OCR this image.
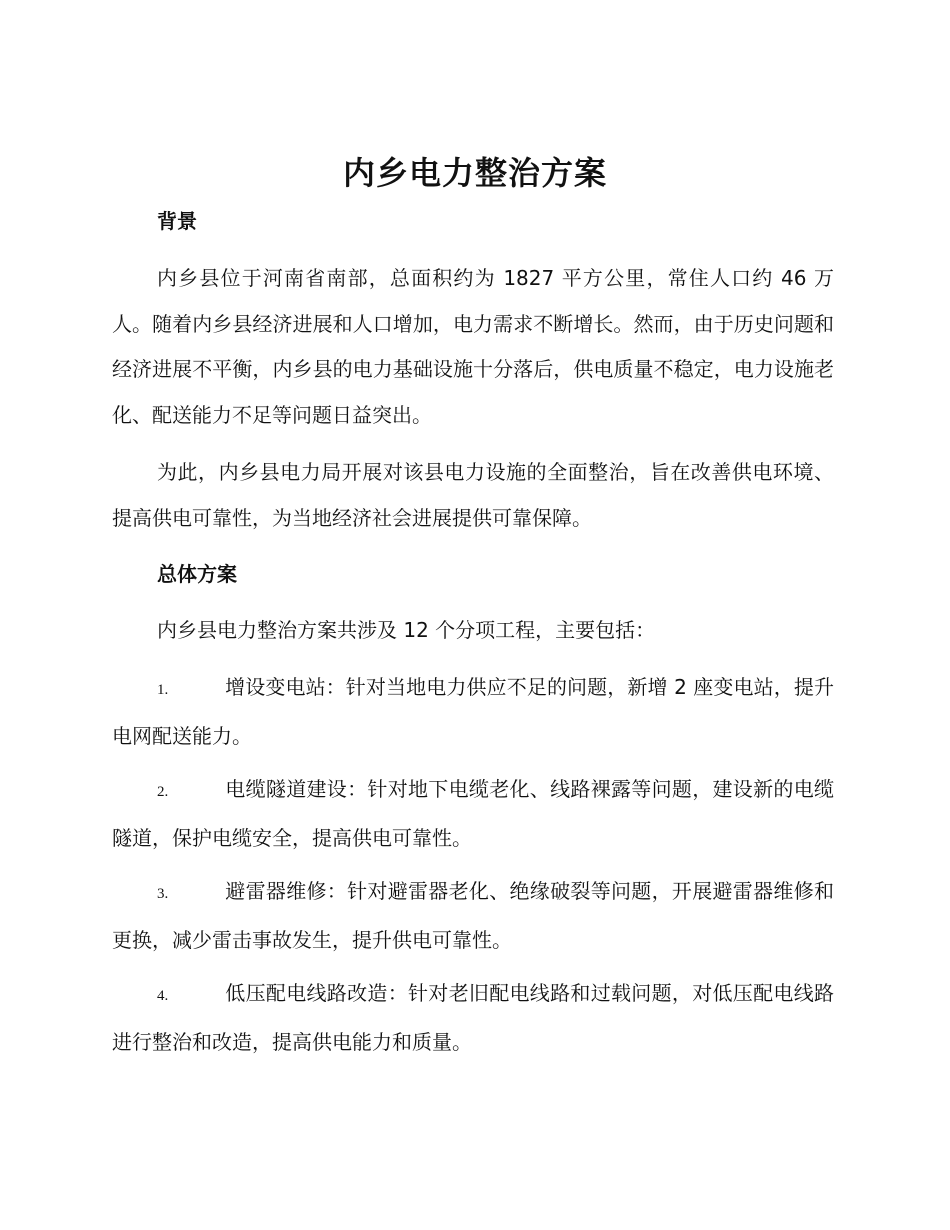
内乡电力整治方案
背景

内乡县位于河南省南部，总面积约为 1827 平方公里，常住人口约 46 万人。随着内乡县经济进展和人口增加，电力需求不断增长。然而，由于历史问题和经济进展不平衡，内乡县的电力基础设施十分落后，供电质量不稳定，电力设施老化、配送能力不足等问题日益突出。

为此，内乡县电力局开展对该县电力设施的全面整治，旨在改善供电环境、提高供电可靠性，为当地经济社会进展提供可靠保障。

总体方案

内乡县电力整治方案共涉及 12 个分项工程，主要包括：

1.	增设变电站：针对当地电力供应不足的问题，新增 2 座变电站，提升电网配送能力。

2.	电缆隧道建设：针对地下电缆老化、线路裸露等问题，建设新的电缆隧道，保护电缆安全，提高供电可靠性。

3.	避雷器维修：针对避雷器老化、绝缘破裂等问题，开展避雷器维修和更换，减少雷击事故发生，提升供电可靠性。

4.	低压配电线路改造：针对老旧配电线路和过载问题，对低压配电线路进行整治和改造，提高供电能力和质量。
